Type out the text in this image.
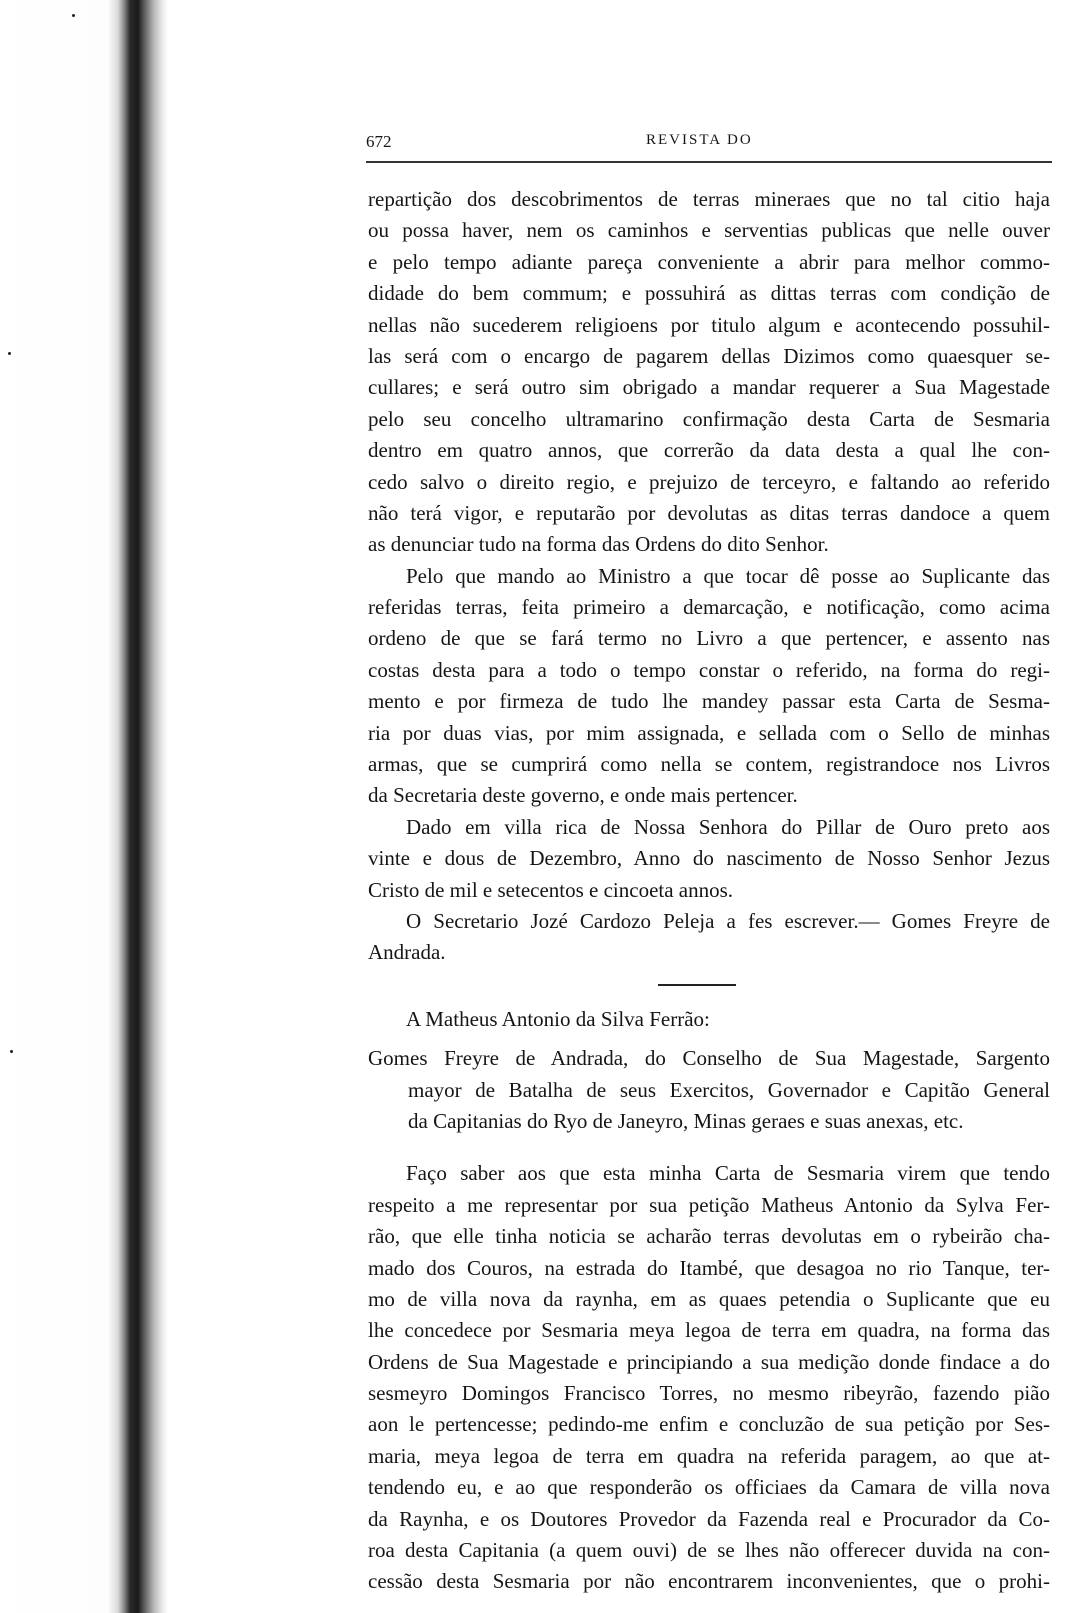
672	REVISTA DO
repartição dos descobrimentos de terras mineraes que no tal citio haja
ou possa haver, nem os caminhos e serventias publicas que nelle ouver
e pelo tempo adiante pareça conveniente a abrir para melhor commo-
didade do bem commum; e possuhirá as dittas terras com condição de
nellas não sucederem religioens por titulo algum e acontecendo possuhil-
las será com o encargo de pagarem dellas Dizimos como quaesquer se-
cullares; e será outro sim obrigado a mandar requerer a Sua Magestade
pelo seu concelho ultramarino confirmação desta Carta de Sesmaria
dentro em quatro annos, que correrão da data desta a qual lhe con-
cedo salvo o direito regio, e prejuizo de terceyro, e faltando ao referido
não terá vigor, e reputarão por devolutas as ditas terras dandoce a quem
as denunciar tudo na forma das Ordens do dito Senhor.
Pelo que mando ao Ministro a que tocar dê posse ao Suplicante das
referidas terras, feita primeiro a demarcação, e notificação, como acima
ordeno de que se fará termo no Livro a que pertencer, e assento nas
costas desta para a todo o tempo constar o referido, na forma do regi-
mento e por firmeza de tudo lhe mandey passar esta Carta de Sesma-
ria por duas vias, por mim assignada, e sellada com o Sello de minhas
armas, que se cumprirá como nella se contem, registrandoce nos Livros
da Secretaria deste governo, e onde mais pertencer.
Dado em villa rica de Nossa Senhora do Pillar de Ouro preto aos
vinte e dous de Dezembro, Anno do nascimento de Nosso Senhor Jezus
Cristo de mil e setecentos e cincoeta annos.
O Secretario Jozé Cardozo Peleja a fes escrever.— Gomes Freyre de
Andrada.
A Matheus Antonio da Silva Ferrão:
Gomes Freyre de Andrada, do Conselho de Sua Magestade, Sargento
mayor de Batalha de seus Exercitos, Governador e Capitão General
da Capitanias do Ryo de Janeyro, Minas geraes e suas anexas, etc.
Faço saber aos que esta minha Carta de Sesmaria virem que tendo
respeito a me representar por sua petição Matheus Antonio da Sylva Fer-
rão, que elle tinha noticia se acharão terras devolutas em o rybeirão cha-
mado dos Couros, na estrada do Itambé, que desagoa no rio Tanque, ter-
mo de villa nova da raynha, em as quaes petendia o Suplicante que eu
lhe concedece por Sesmaria meya legoa de terra em quadra, na forma das
Ordens de Sua Magestade e principiando a sua medição donde findace a do
sesmeyro Domingos Francisco Torres, no mesmo ribeyrão, fazendo pião
aon le pertencesse; pedindo-me enfim e concluzão de sua petição por Ses-
maria, meya legoa de terra em quadra na referida paragem, ao que at-
tendendo eu, e ao que responderão os officiaes da Camara de villa nova
da Raynha, e os Doutores Provedor da Fazenda real e Procurador da Co-
roa desta Capitania (a quem ouvi) de se lhes não offerecer duvida na con-
cessão desta Sesmaria por não encontrarem inconvenientes, que o prohi-
